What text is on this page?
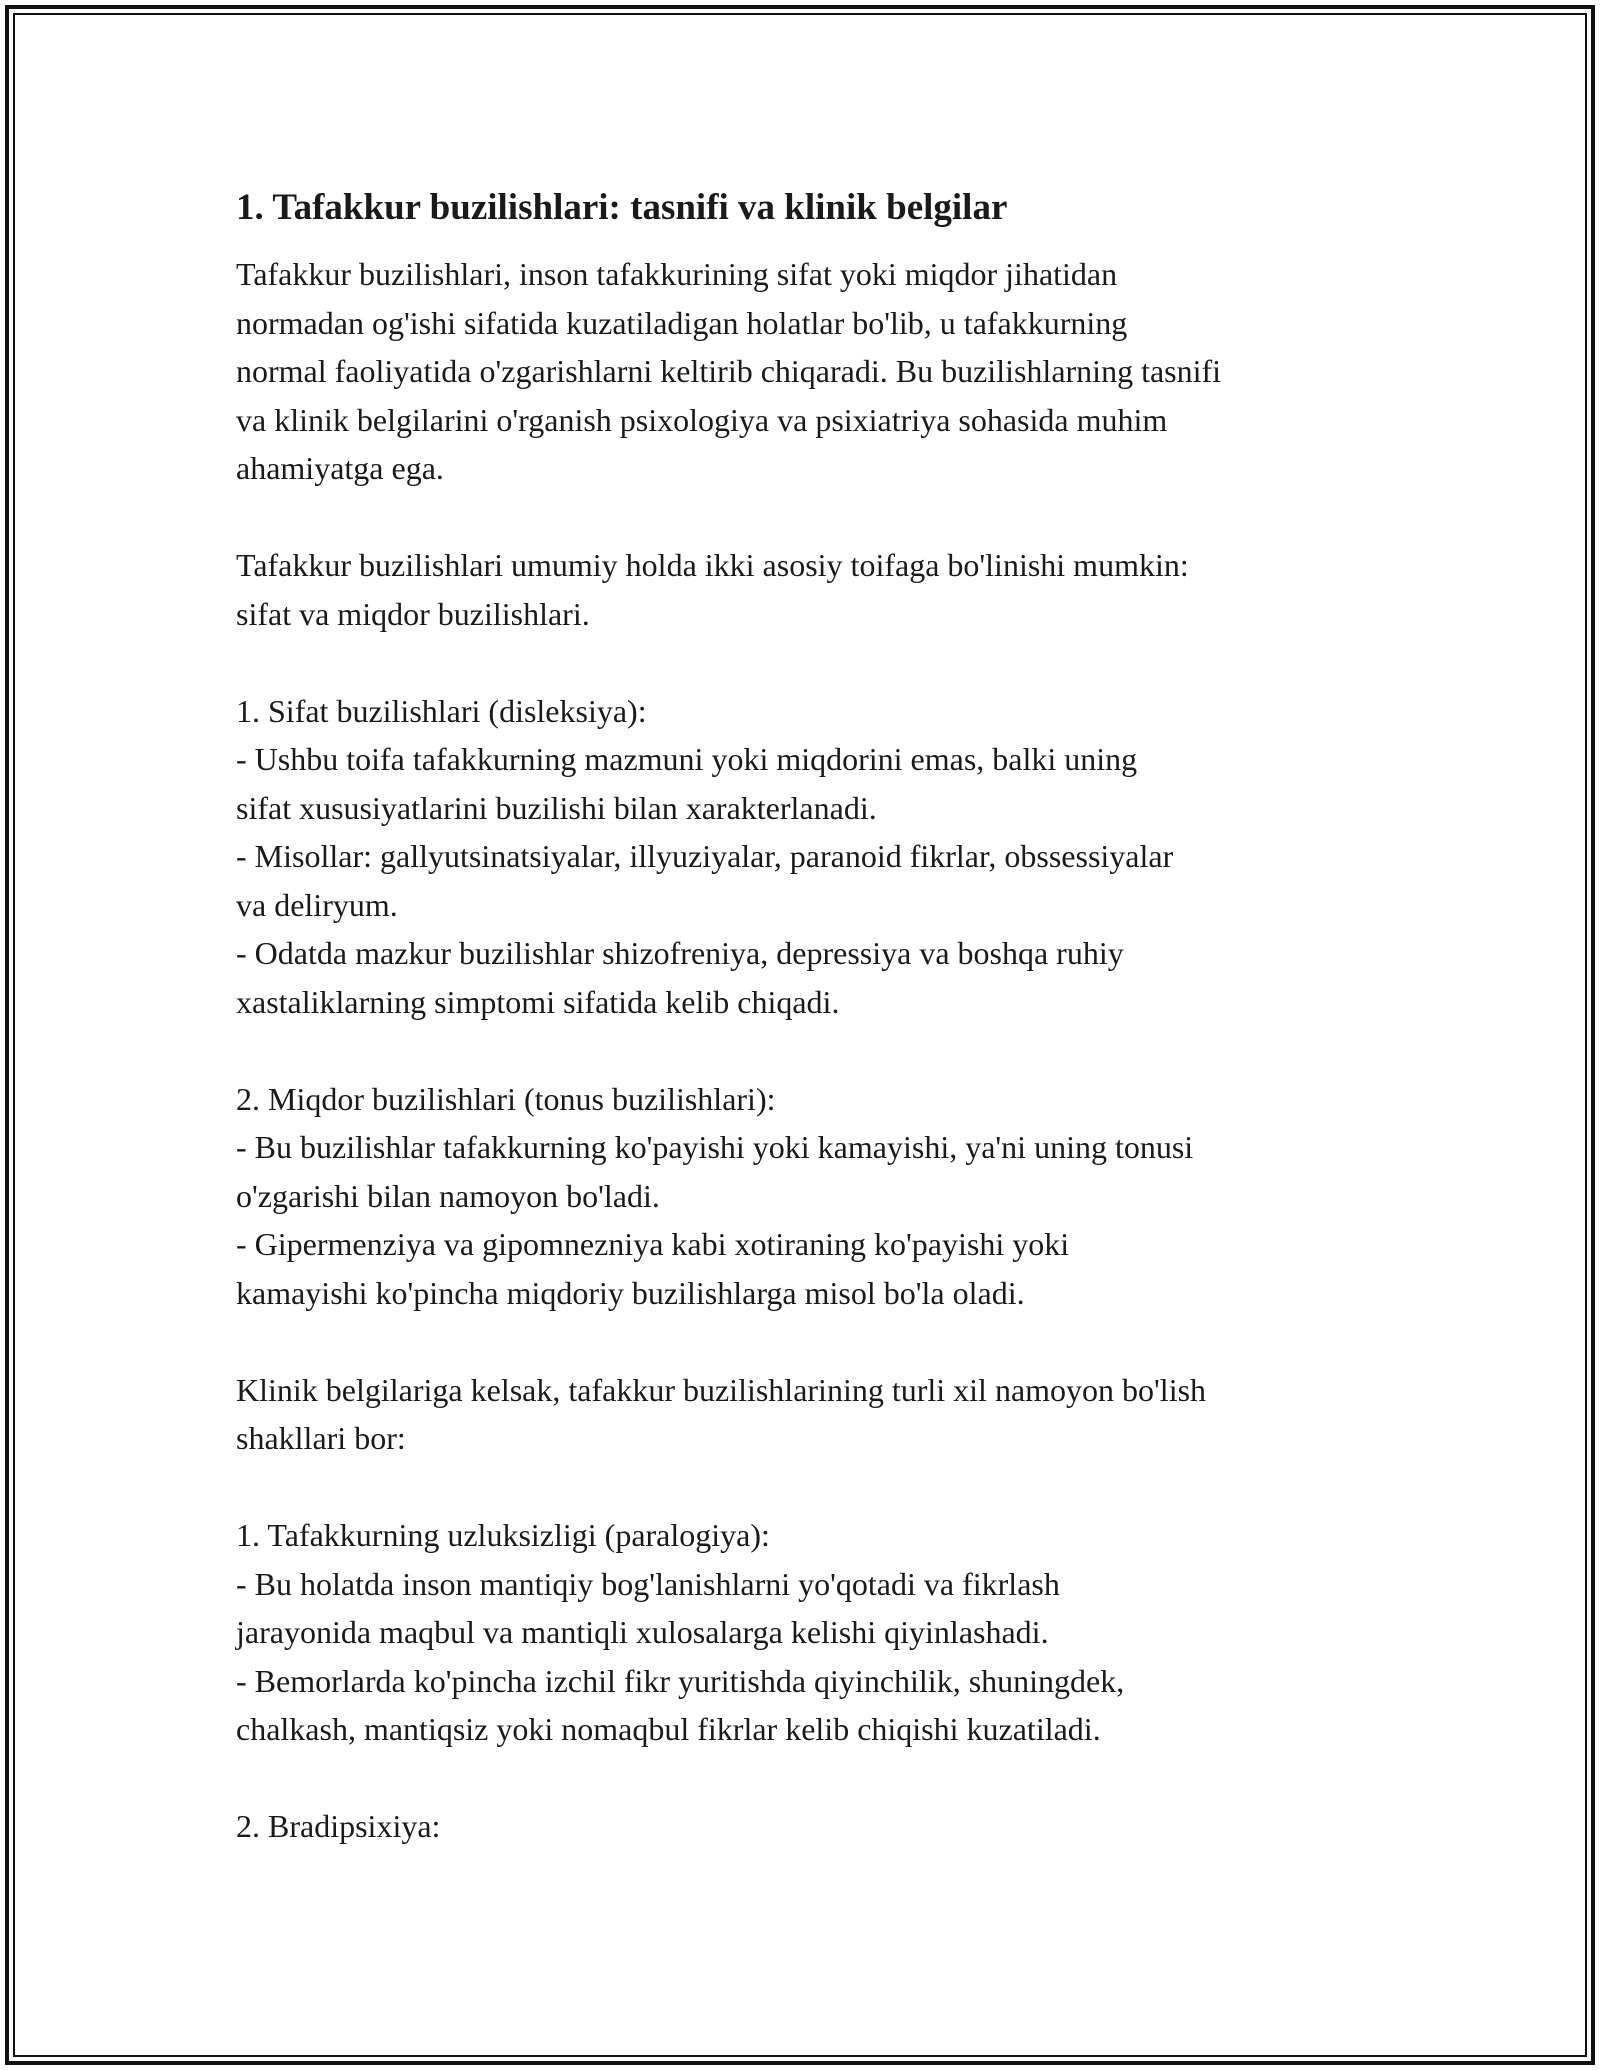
1. Tafakkur buzilishlari: tasnifi va klinik belgilar

Tafakkur buzilishlari, inson tafakkurining sifat yoki miqdor jihatidan
normadan og'ishi sifatida kuzatiladigan holatlar bo'lib, u tafakkurning
normal faoliyatida o'zgarishlarni keltirib chiqaradi. Bu buzilishlarning tasnifi
va klinik belgilarini o'rganish psixologiya va psixiatriya sohasida muhim
ahamiyatga ega.

Tafakkur buzilishlari umumiy holda ikki asosiy toifaga bo'linishi mumkin:
sifat va miqdor buzilishlari.

1. Sifat buzilishlari (disleksiya):
- Ushbu toifa tafakkurning mazmuni yoki miqdorini emas, balki uning
sifat xususiyatlarini buzilishi bilan xarakterlanadi.
- Misollar: gallyutsinatsiyalar, illyuziyalar, paranoid fikrlar, obssessiyalar
va deliryum.
- Odatda mazkur buzilishlar shizofreniya, depressiya va boshqa ruhiy
xastaliklarning simptomi sifatida kelib chiqadi.

2. Miqdor buzilishlari (tonus buzilishlari):
- Bu buzilishlar tafakkurning ko'payishi yoki kamayishi, ya'ni uning tonusi
o'zgarishi bilan namoyon bo'ladi.
- Gipermenziya va gipomnezniya kabi xotiraning ko'payishi yoki
kamayishi ko'pincha miqdoriy buzilishlarga misol bo'la oladi.

Klinik belgilariga kelsak, tafakkur buzilishlarining turli xil namoyon bo'lish
shakllari bor:

1. Tafakkurning uzluksizligi (paralogiya):
- Bu holatda inson mantiqiy bog'lanishlarni yo'qotadi va fikrlash
jarayonida maqbul va mantiqli xulosalarga kelishi qiyinlashadi.
- Bemorlarda ko'pincha izchil fikr yuritishda qiyinchilik, shuningdek,
chalkash, mantiqsiz yoki nomaqbul fikrlar kelib chiqishi kuzatiladi.

2. Bradipsixiya:
